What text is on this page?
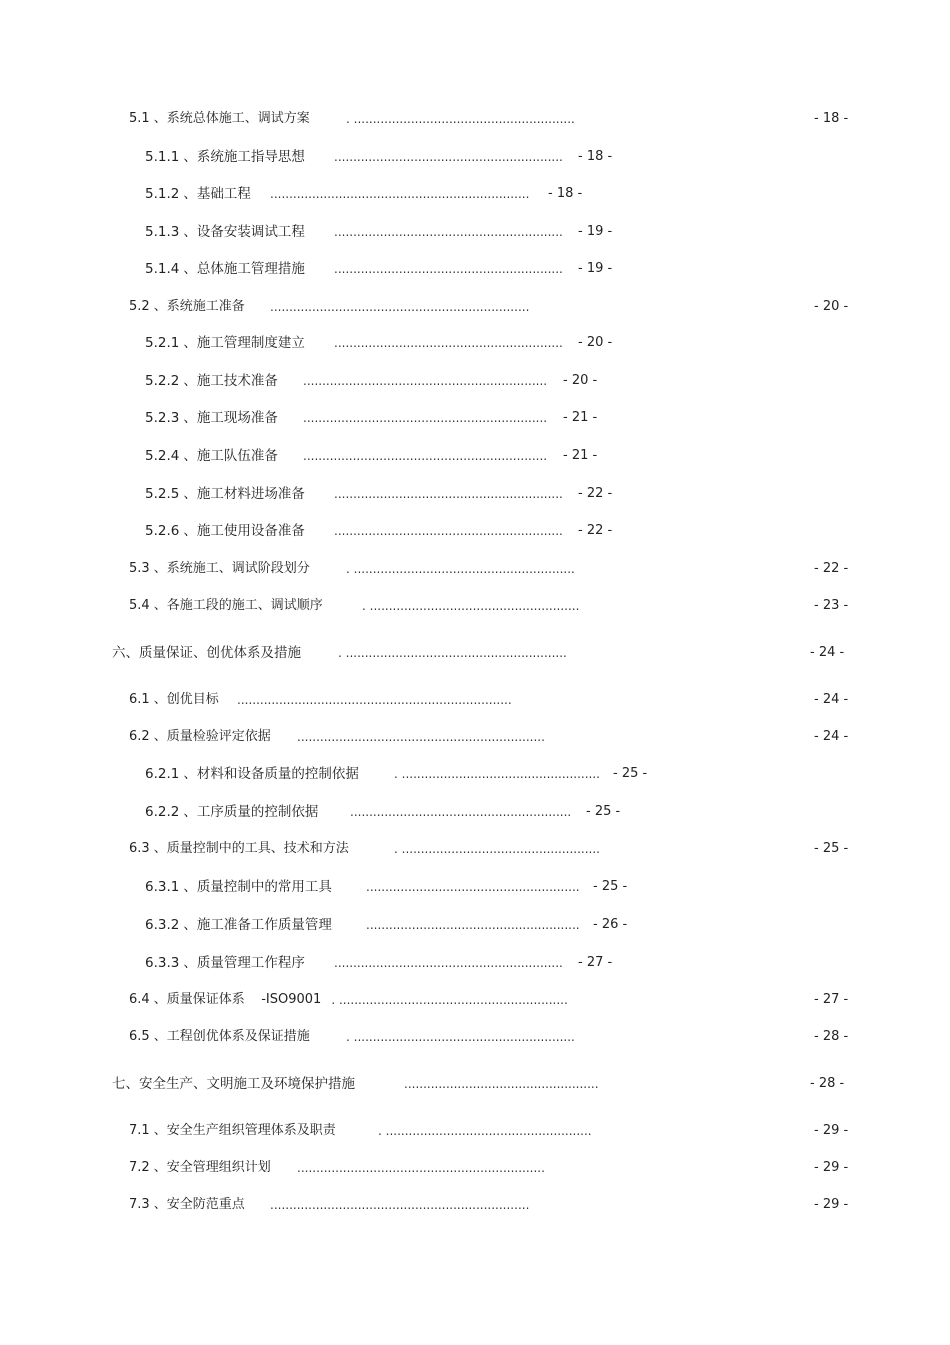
5.1 、系统总体施工、调试方案	. ..........................................................	- 18 -
5.1.1 、系统施工指导思想 ............................................................ - 18 -
5.1.2 、基础工程 .................................................................... - 18 -
5.1.3 、设备安装调试工程 ............................................................ - 19 -
5.1.4 、总体施工管理措施 ............................................................ - 19 -
5.2 、系统施工准备 ....................................................................	- 20 -
5.2.1 、施工管理制度建立 ............................................................ - 20 -
5.2.2 、施工技术准备 ................................................................ - 20 -
5.2.3 、施工现场准备 ................................................................ - 21 -
5.2.4 、施工队伍准备 ................................................................ - 21 -
5.2.5 、施工材料进场准备 ............................................................ - 22 -
5.2.6 、施工使用设备准备 ............................................................ - 22 -
5.3 、系统施工、调试阶段划分	. ..........................................................	- 22 -
5.4 、各施工段的施工、调试顺序	. .......................................................	- 23 -
六、 质量保证、创优体系及措施	. ..........................................................	- 24 -
6.1 、创优目标 ........................................................................	- 24 -
6.2 、质量检验评定依据 .................................................................	- 24 -
6.2.1 、材料和设备质量的控制依据	. .................................................... - 25 -
6.2.2 、工序质量的控制依据	.......................................................... - 25 -
6.3 、质量控制中的工具、技术和方法	. ....................................................	- 25 -
6.3.1 、质量控制中的常用工具	........................................................ - 25 -
6.3.2 、施工准备工作质量管理	........................................................ - 26 -
6.3.3 、质量管理工作程序 ............................................................ - 27 -
6.4 、质量保证体系    -ISO9001 . ............................................................	- 27 -
6.5 、工程创优体系及保证措施	. ..........................................................	- 28 -
七、 安全生产、文明施工及环境保护措施	...................................................	- 28 -
7.1 、安全生产组织管理体系及职责	. ......................................................	- 29 -
7.2 、安全管理组织计划 .................................................................	- 29 -
7.3 、安全防范重点 ....................................................................	- 29 -
